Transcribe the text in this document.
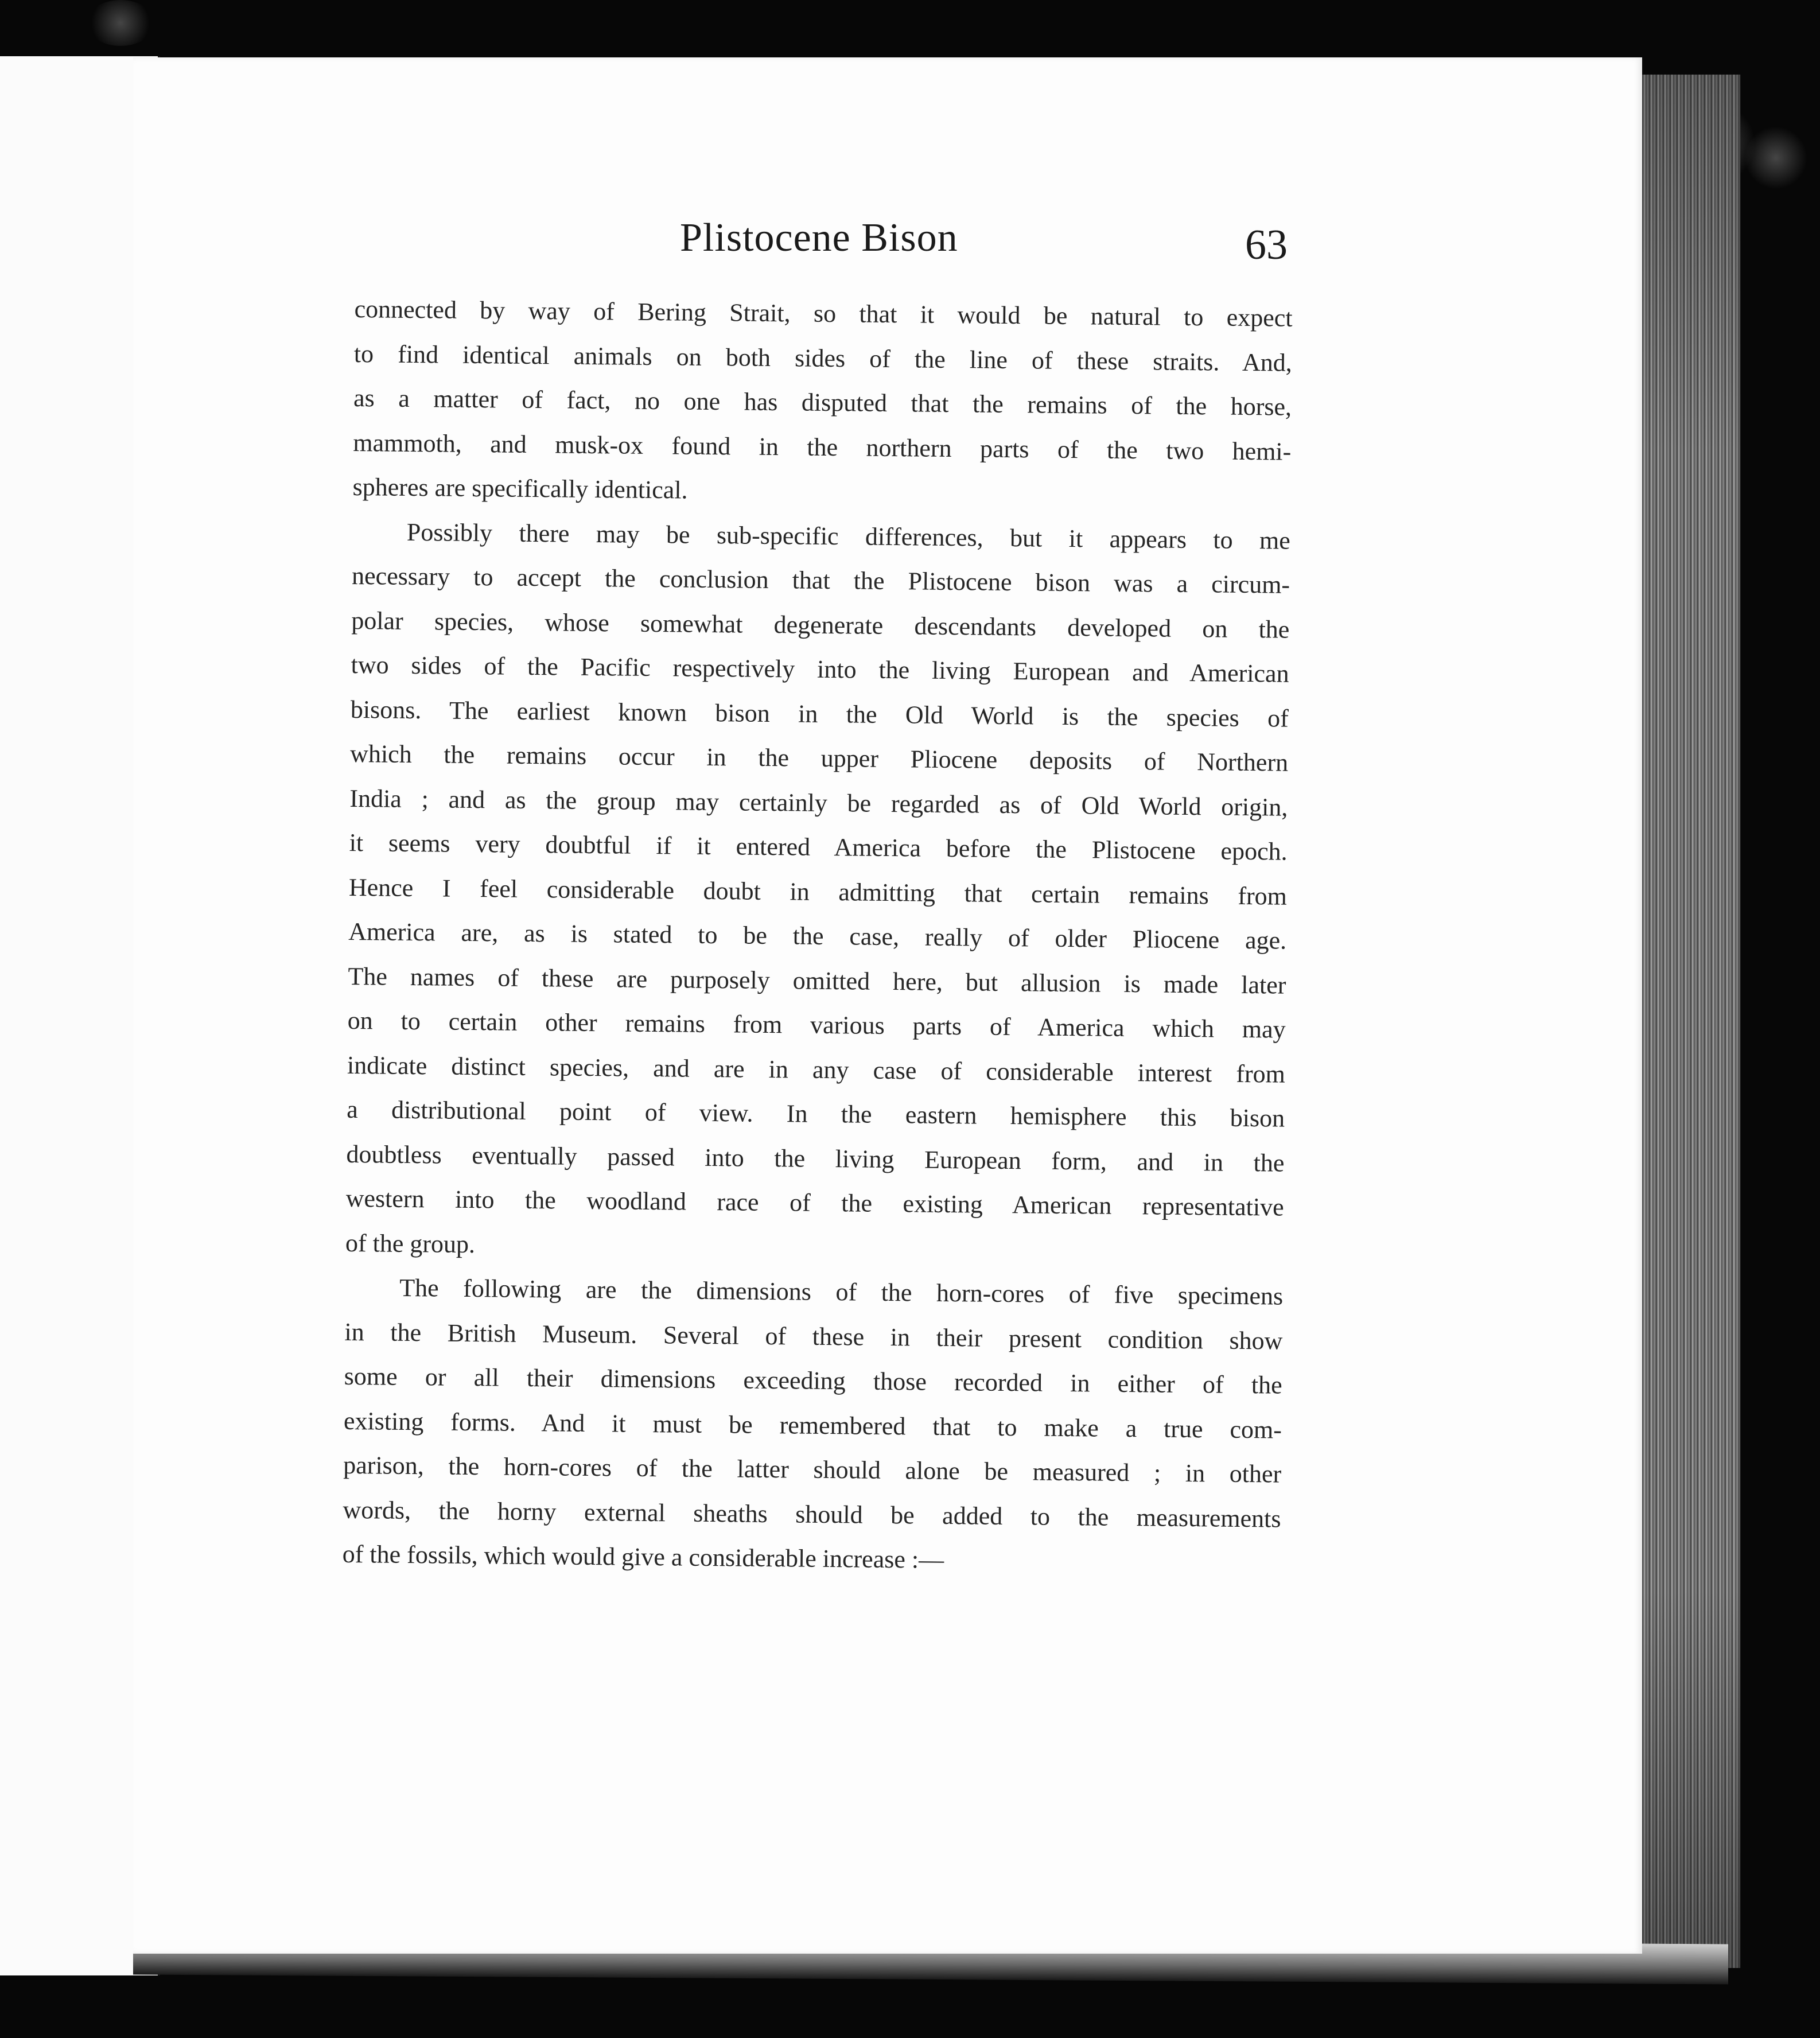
Plistocene Bison	63
connected by way of Bering Strait, so that it would be natural to expect
to find identical animals on both sides of the line of these straits. And,
as a matter of fact, no one has disputed that the remains of the horse,
mammoth, and musk-ox found in the northern parts of the two hemi-
spheres are specifically identical.
Possibly there may be sub-specific differences, but it appears to me
necessary to accept the conclusion that the Plistocene bison was a circum-
polar species, whose somewhat degenerate descendants developed on the
two sides of the Pacific respectively into the living European and American
bisons. The earliest known bison in the Old World is the species of
which the remains occur in the upper Pliocene deposits of Northern
India ; and as the group may certainly be regarded as of Old World origin,
it seems very doubtful if it entered America before the Plistocene epoch.
Hence I feel considerable doubt in admitting that certain remains from
America are, as is stated to be the case, really of older Pliocene age.
The names of these are purposely omitted here, but allusion is made later
on to certain other remains from various parts of America which may
indicate distinct species, and are in any case of considerable interest from
a distributional point of view. In the eastern hemisphere this bison
doubtless eventually passed into the living European form, and in the
western into the woodland race of the existing American representative
of the group.
The following are the dimensions of the horn-cores of five specimens
in the British Museum. Several of these in their present condition show
some or all their dimensions exceeding those recorded in either of the
existing forms. And it must be remembered that to make a true com-
parison, the horn-cores of the latter should alone be measured ; in other
words, the horny external sheaths should be added to the measurements
of the fossils, which would give a considerable increase :—
